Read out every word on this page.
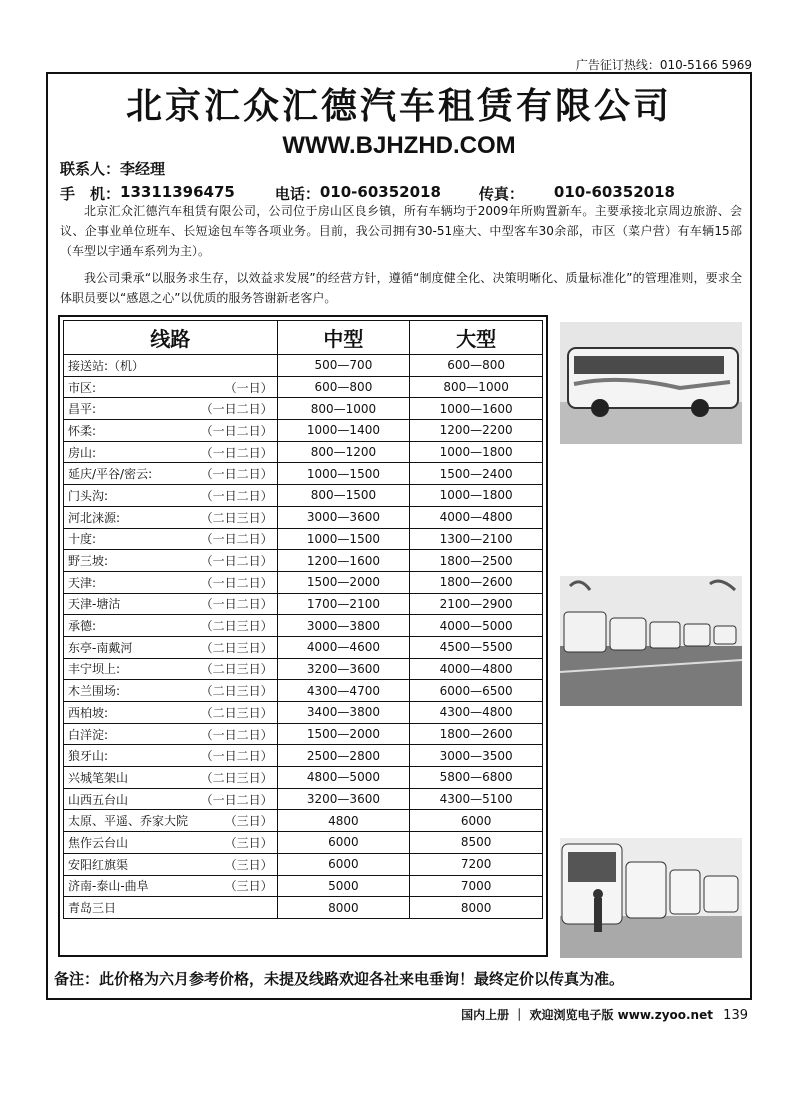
广告征订热线：010-5166 5969
北京汇众汇德汽车租赁有限公司
WWW.BJHZHD.COM
联系人：李经理
手　机： 13311396475	电话： 010-60352018	传真： 010-60352018
北京汇众汇德汽车租赁有限公司，公司位于房山区良乡镇，所有车辆均于2009年所购置新车。主要承接北京周边旅游、会议、企事业单位班车、长短途包车等各项业务。目前，我公司拥有30-51座大、中型客车30余部，市区（菜户营）有车辆15部（车型以宇通车系列为主）。
我公司秉承“以服务求生存，以效益求发展”的经营方针，遵循“制度健全化、决策明晰化、质量标准化”的管理准则，要求全体职员要以“感恩之心”以优质的服务答谢新老客户。
线路	中型	大型

接送站:（机）	500—700	600—800

市区: （一日）	600—800	800—1000

昌平: （一日二日）	800—1000	1000—1600

怀柔: （一日二日）	1000—1400	1200—2200

房山: （一日二日）	800—1200	1000—1800

延庆/平谷/密云: （一日二日）	1000—1500	1500—2400

门头沟: （一日二日）	800—1500	1000—1800

河北涞源: （二日三日）	3000—3600	4000—4800

十度: （一日二日）	1000—1500	1300—2100

野三坡: （一日二日）	1200—1600	1800—2500

天津: （一日二日）	1500—2000	1800—2600

天津-塘沽 （一日二日）	1700—2100	2100—2900

承德: （二日三日）	3000—3800	4000—5000

东亭-南戴河 （二日三日）	4000—4600	4500—5500

丰宁坝上: （二日三日）	3200—3600	4000—4800

木兰围场: （二日三日）	4300—4700	6000—6500

西柏坡: （二日三日）	3400—3800	4300—4800

白洋淀: （一日二日）	1500—2000	1800—2600

狼牙山: （一日二日）	2500—2800	3000—3500

兴城笔架山 （二日三日）	4800—5000	5800—6800

山西五台山 （一日二日）	3200—3600	4300—5100

太原、平遥、乔家大院 （三日）	4800	6000

焦作云台山 （三日）	6000	8500

安阳红旗渠 （三日）	6000	7200

济南-泰山-曲阜 （三日）	5000	7000

青岛三日	8000	8000
备注：此价格为六月参考价格，未提及线路欢迎各社来电垂询！最终定价以传真为准。
国内上册 ｜ 欢迎浏览电子版 www.zyoo.net 139
